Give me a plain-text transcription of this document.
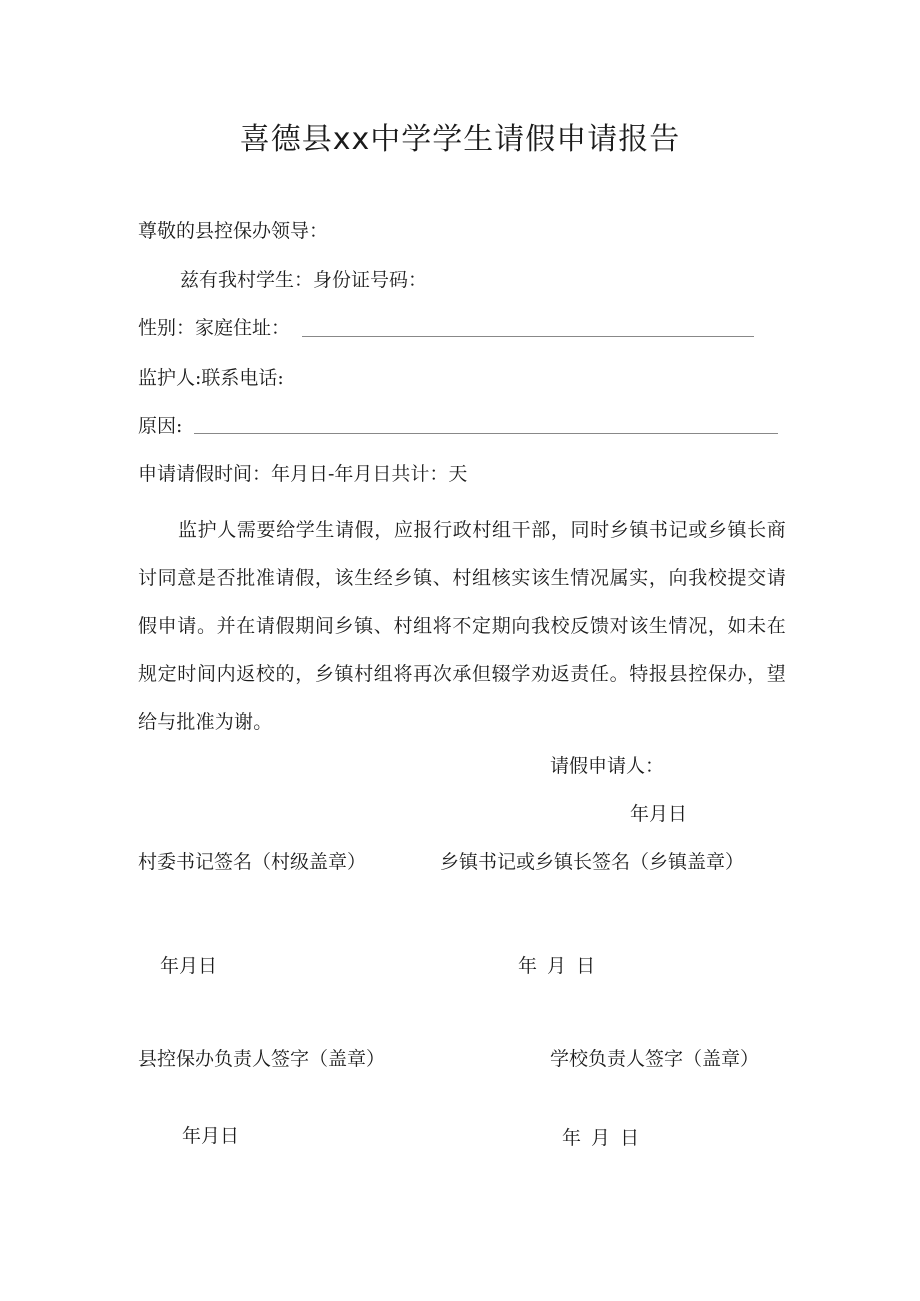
喜德县xx中学学生请假申请报告
尊敬的县控保办领导：
兹有我村学生：身份证号码：
性别：家庭住址：
监护人:联系电话:
原因:
申请请假时间：年月日-年月日共计：天
监护人需要给学生请假，应报行政村组干部，同时乡镇书记或乡镇长商讨同意是否批准请假，该生经乡镇、村组核实该生情况属实，向我校提交请假申请。并在请假期间乡镇、村组将不定期向我校反馈对该生情况，如未在规定时间内返校的，乡镇村组将再次承但辍学劝返责任。特报县控保办，望给与批准为谢。
请假申请人：
年月日
村委书记签名（村级盖章）	乡镇书记或乡镇长签名（乡镇盖章）
年月日	年 月 日
县控保办负责人签字（盖章）	学校负责人签字（盖章）
年月日	年 月 日
